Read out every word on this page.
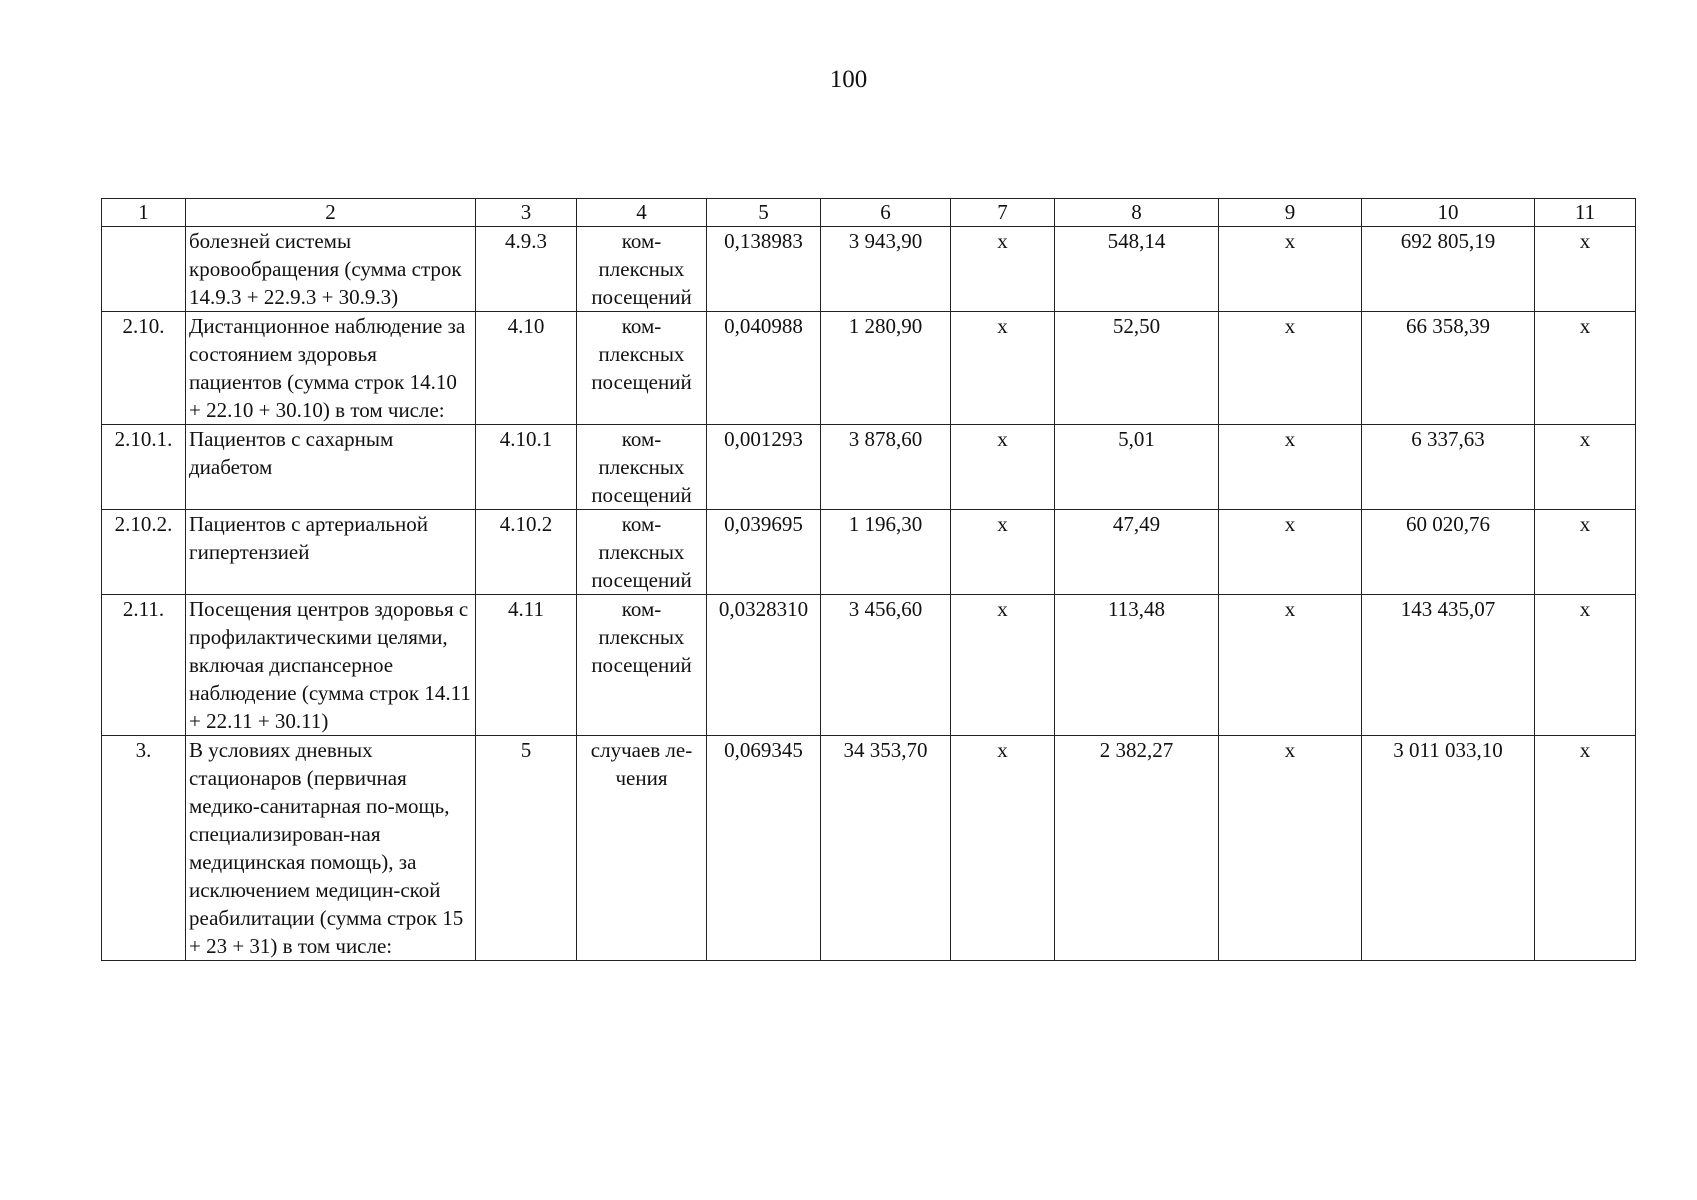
100
1	2	3	4	5	6	7	8	9	10	11
	болезней системы кровообращения (сумма строк 14.9.3 + 22.9.3 + 30.9.3)	4.9.3	ком-плексных посещений	0,138983	3 943,90	x	548,14	x	692 805,19	x
2.10.	Дистанционное наблюдение за состоянием здоровья пациентов (сумма строк 14.10 + 22.10 + 30.10) в том числе:	4.10	ком-плексных посещений	0,040988	1 280,90	x	52,50	x	66 358,39	x
2.10.1.	Пациентов с сахарным диабетом	4.10.1	ком-плексных посещений	0,001293	3 878,60	x	5,01	x	6 337,63	x
2.10.2.	Пациентов с артериальной гипертензией	4.10.2	ком-плексных посещений	0,039695	1 196,30	x	47,49	x	60 020,76	x
2.11.	Посещения центров здоровья с профилактическими целями, включая диспансерное наблюдение (сумма строк 14.11 + 22.11 + 30.11)	4.11	ком-плексных посещений	0,0328310	3 456,60	x	113,48	x	143 435,07	x
3.	В условиях дневных стационаров (первичная медико-санитарная по-мощь, специализирован-ная медицинская помощь), за исключением медицин-ской реабилитации (сумма строк 15 + 23 + 31) в том числе:	5	случаев ле-чения	0,069345	34 353,70	x	2 382,27	x	3 011 033,10	x
